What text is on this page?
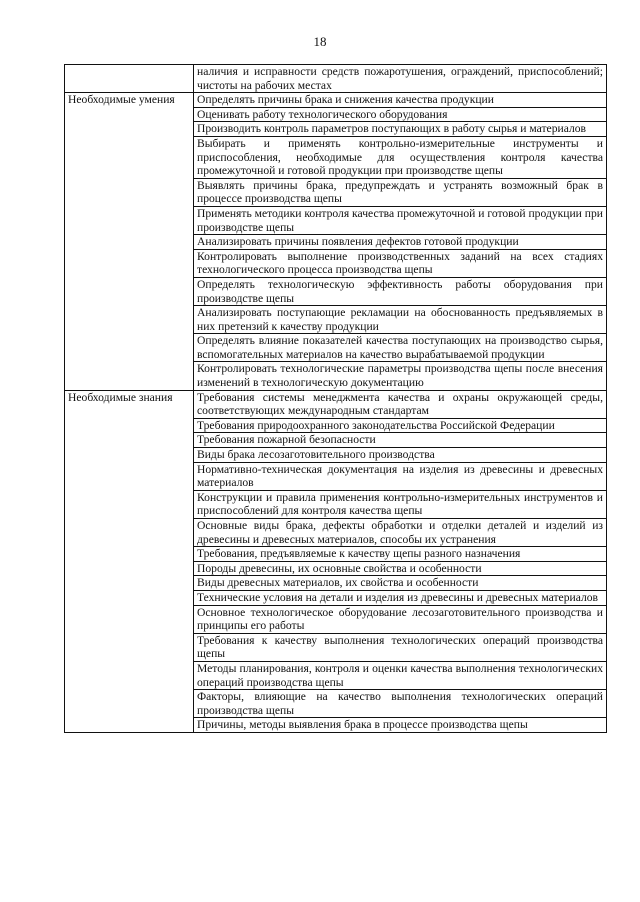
18
	наличия и исправности средств пожаротушения, ограждений, приспособлений; чистоты на рабочих местах
Необходимые умения	Определять причины брака и снижения качества продукции
	Оценивать работу технологического оборудования
	Производить контроль параметров поступающих в работу сырья и материалов
	Выбирать и применять контрольно-измерительные инструменты и приспособления, необходимые для осуществления контроля качества промежуточной и готовой продукции при производстве щепы
	Выявлять причины брака, предупреждать и устранять возможный брак в процессе производства щепы
	Применять методики контроля качества промежуточной и готовой продукции при производстве щепы
	Анализировать причины появления дефектов готовой продукции
	Контролировать выполнение производственных заданий на всех стадиях технологического процесса производства щепы
	Определять технологическую эффективность работы оборудования при производстве щепы
	Анализировать поступающие рекламации на обоснованность предъявляемых в них претензий к качеству продукции
	Определять влияние показателей качества поступающих на производство сырья, вспомогательных материалов на качество вырабатываемой продукции
	Контролировать технологические параметры производства щепы после внесения изменений в технологическую документацию
Необходимые знания	Требования системы менеджмента качества и охраны окружающей среды, соответствующих международным стандартам
	Требования природоохранного законодательства Российской Федерации
	Требования пожарной безопасности
	Виды брака лесозаготовительного производства
	Нормативно-техническая документация на изделия из древесины и древесных материалов
	Конструкции и правила применения контрольно-измерительных инструментов и приспособлений для контроля качества щепы
	Основные виды брака, дефекты обработки и отделки деталей и изделий из древесины и древесных материалов, способы их устранения
	Требования, предъявляемые к качеству щепы разного назначения
	Породы древесины, их основные свойства и особенности
	Виды древесных материалов, их свойства и особенности
	Технические условия на детали и изделия из древесины и древесных материалов
	Основное технологическое оборудование лесозаготовительного производства и принципы его работы
	Требования к качеству выполнения технологических операций производства щепы
	Методы планирования, контроля и оценки качества выполнения технологических операций производства щепы
	Факторы, влияющие на качество выполнения технологических операций производства щепы
	Причины, методы выявления брака в процессе производства щепы
